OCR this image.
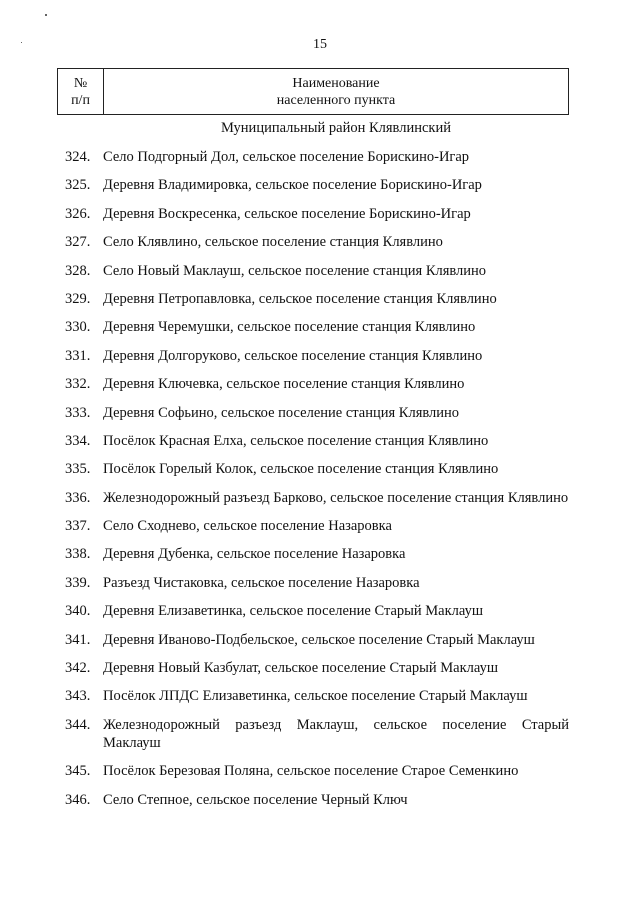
15
№
п/п
Наименование
населенного пункта
Муниципальный район Клявлинский
324. Село Подгорный Дол, сельское поселение Борискино-Игар
325. Деревня Владимировка, сельское поселение Борискино-Игар
326. Деревня Воскресенка, сельское поселение Борискино-Игар
327. Село Клявлино, сельское поселение станция Клявлино
328. Село Новый Маклауш, сельское поселение станция Клявлино
329. Деревня Петропавловка, сельское поселение станция Клявлино
330. Деревня Черемушки, сельское поселение станция Клявлино
331. Деревня Долгоруково, сельское поселение станция Клявлино
332. Деревня Ключевка, сельское поселение станция Клявлино
333. Деревня Софьино, сельское поселение станция Клявлино
334. Посёлок Красная Елха, сельское поселение станция Клявлино
335. Посёлок Горелый Колок, сельское поселение станция Клявлино
336. Железнодорожный разъезд Барково, сельское поселение станция Клявлино
337. Село Сходнево, сельское поселение Назаровка
338. Деревня Дубенка, сельское поселение Назаровка
339. Разъезд Чистаковка, сельское поселение Назаровка
340. Деревня Елизаветинка, сельское поселение Старый Маклауш
341. Деревня Иваново-Подбельское, сельское поселение Старый Маклауш
342. Деревня Новый Казбулат, сельское поселение Старый Маклауш
343. Посёлок ЛПДС Елизаветинка, сельское поселение Старый Маклауш
344. Железнодорожный разъезд Маклауш, сельское поселение Старый Маклауш
345. Посёлок Березовая Поляна, сельское поселение Старое Семенкино
346. Село Степное, сельское поселение Черный Ключ
